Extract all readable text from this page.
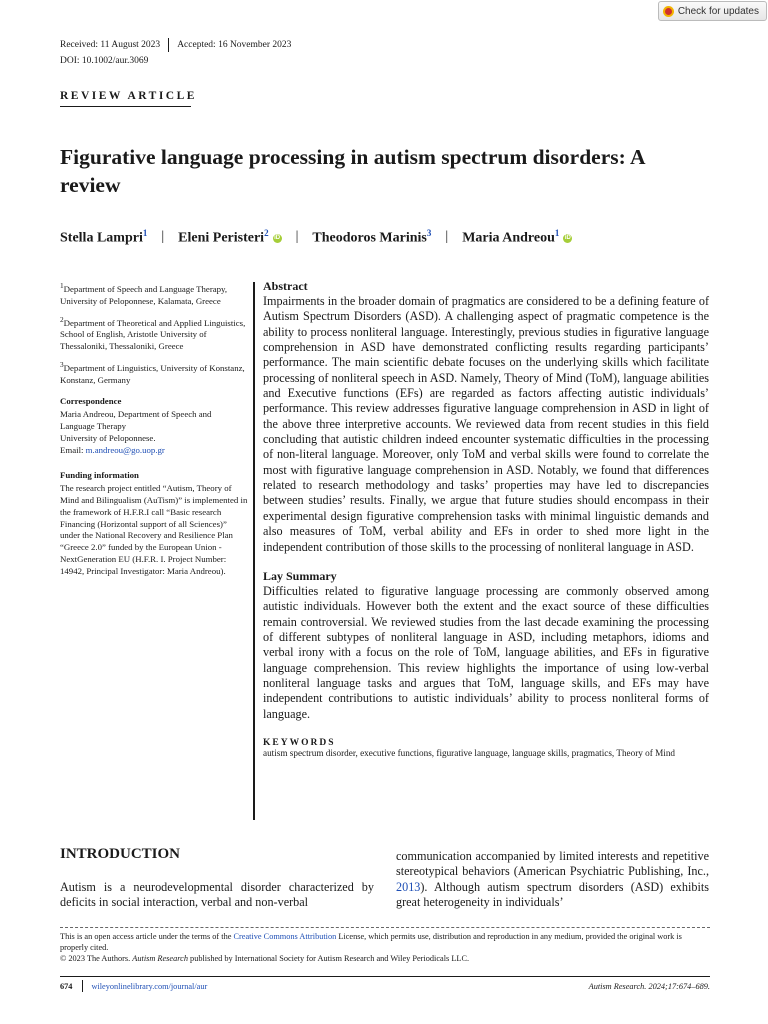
Check for updates
Received: 11 August 2023 Accepted: 16 November 2023
DOI: 10.1002/aur.3069
REVIEW ARTICLE
Figurative language processing in autism spectrum disorders: A review
Stella Lampri$^1$ | Eleni Peristeri$^2$ iD | Theodoros Marinis$^3$ | Maria Andreou$^1$ iD

$^1$Department of Speech and Language Therapy, University of Peloponnese, Kalamata, Greece

$^2$Department of Theoretical and Applied Linguistics, School of English, Aristotle University of Thessaloniki, Thessaloniki, Greece

$^3$Department of Linguistics, University of Konstanz, Konstanz, Germany

Correspondence
Maria Andreou, Department of Speech and
Language Therapy
University of Peloponnese.
Email: m.andreou@go.uop.gr
Funding information
The research project entitled “Autism, Theory of Mind and Bilingualism (AuTism)” is implemented in the framework of H.F.R.I call “Basic research Financing (Horizontal support of all Sciences)” under the National Recovery and Resilience Plan “Greece 2.0” funded by the European Union -NextGeneration EU (H.F.R. I. Project Number: 14942, Principal Investigator: Maria Andreou).
Abstract

Impairments in the broader domain of pragmatics are considered to be a defining feature of Autism Spectrum Disorders (ASD). A challenging aspect of pragmatic competence is the ability to process nonliteral language. Interestingly, previous studies in figurative language comprehension in ASD have demonstrated conflicting results regarding participants’ performance. The main scientific debate focuses on the underlying skills which facilitate processing of nonliteral speech in ASD. Namely, Theory of Mind (ToM), language abilities and Executive functions (EFs) are regarded as factors affecting autistic individuals’ performance. This review addresses figurative language comprehension in ASD in light of the above three interpretive accounts. We reviewed data from recent studies in this field concluding that autistic children indeed encounter systematic difficulties in the processing of non-literal language. Moreover, only ToM and verbal skills were found to correlate the most with figurative language comprehension in ASD. Notably, we found that differences related to research methodology and tasks’ properties may have led to discrepancies between studies’ results. Finally, we argue that future studies should encompass in their experimental design figurative comprehension tasks with minimal linguistic demands and also measures of ToM, verbal ability and EFs in order to shed more light in the independent contribution of those skills to the processing of nonliteral language in ASD.

Lay Summary

Difficulties related to figurative language processing are commonly observed among autistic individuals. However both the extent and the exact source of these difficulties remain controversial. We reviewed studies from the last decade examining the processing of different subtypes of nonliteral language in ASD, including metaphors, idioms and verbal irony with a focus on the role of ToM, language abilities, and EFs in figurative language comprehension. This review highlights the importance of using low-verbal nonliteral language tasks and argues that ToM, language skills, and EFs may have independent contributions to autistic individuals’ ability to process nonliteral forms of language.

KEYWORDS
autism spectrum disorder, executive functions, figurative language, language skills, pragmatics, Theory of Mind
INTRODUCTION
Autism is a neurodevelopmental disorder characterized by deficits in social interaction, verbal and non-verbal
communication accompanied by limited interests and repetitive stereotypical behaviors (American Psychiatric Publishing, Inc., 2013). Although autism spectrum disorders (ASD) exhibits great heterogeneity in individuals’
This is an open access article under the terms of the Creative Commons Attribution License, which permits use, distribution and reproduction in any medium, provided the original work is properly cited.
© 2023 The Authors. Autism Research published by International Society for Autism Research and Wiley Periodicals LLC.
674 wileyonlinelibrary.com/journal/aur	Autism Research. 2024;17:674–689.
